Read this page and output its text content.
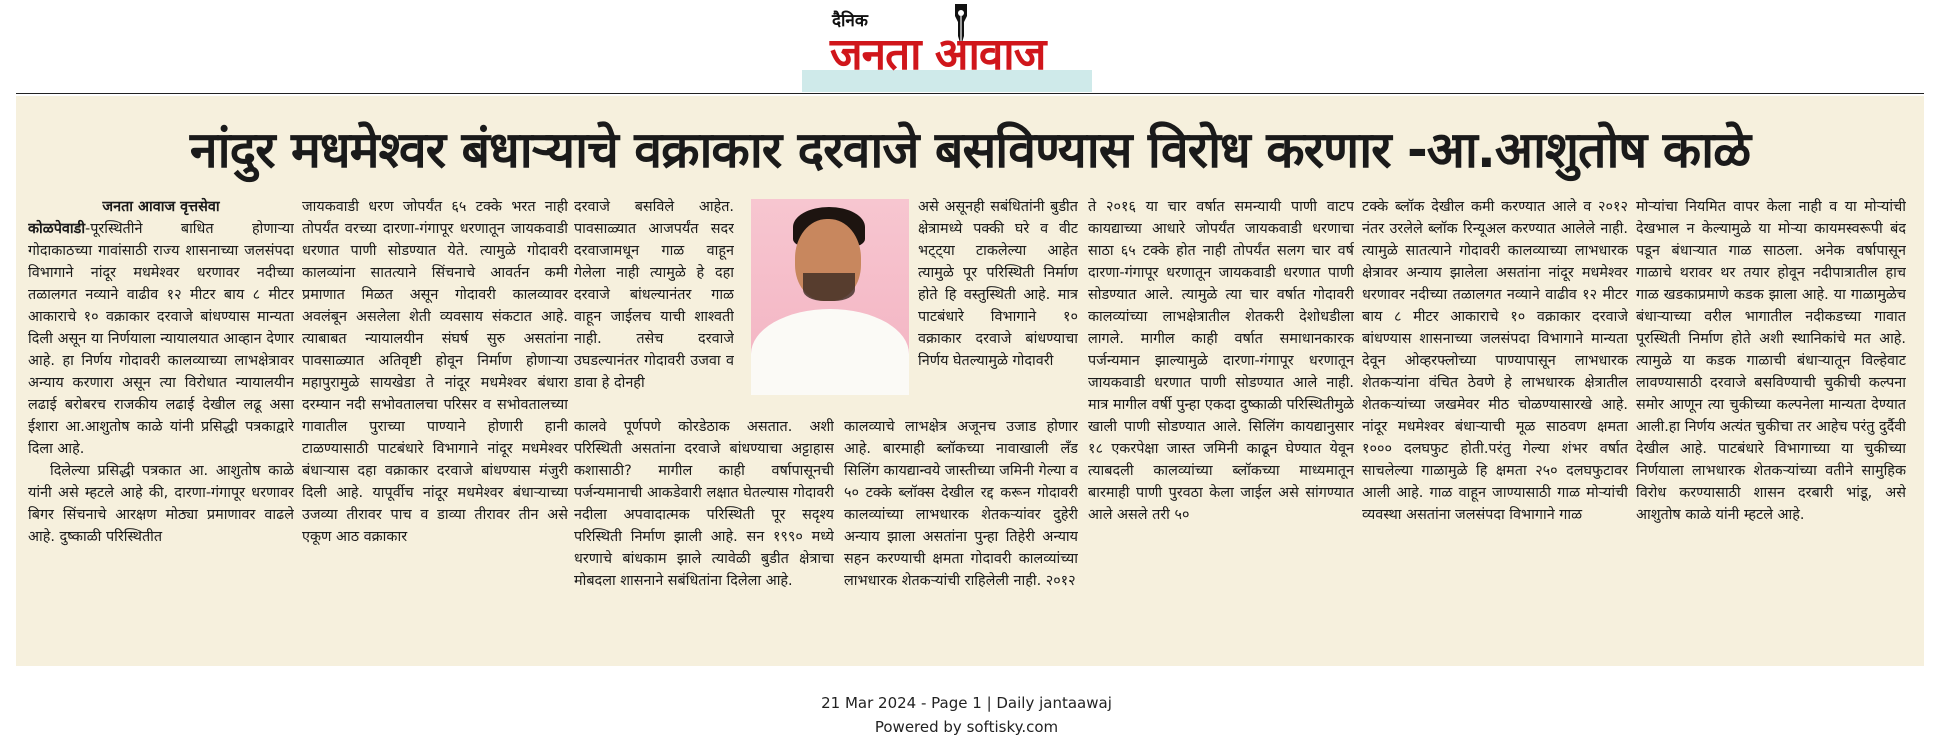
दैनिक
जनता आवाज
नांदुर मधमेश्वर बंधाऱ्याचे वक्राकार दरवाजे बसविण्यास विरोध करणार -आ.आशुतोष काळे
जनता आवाज वृत्तसेवा

कोळपेवाडी-पूरस्थितीने बाधित होणाऱ्या गोदाकाठच्या गावांसाठी राज्य शासनाच्या जलसंपदा विभागाने नांदूर मधमेश्वर धरणावर नदीच्या तळालगत नव्याने वाढीव १२ मीटर बाय ८ मीटर आकाराचे १० वक्राकार दरवाजे बांधण्यास मान्यता दिली असून या निर्णयाला न्यायालयात आव्हान देणार आहे. हा निर्णय गोदावरी कालव्याच्या लाभक्षेत्रावर अन्याय करणारा असून त्या विरोधात न्यायालयीन लढाई बरोबरच राजकीय लढाई देखील लढू असा ईशारा आ.आशुतोष काळे यांनी प्रसिद्धी पत्रकाद्वारे दिला आहे.

दिलेल्या प्रसिद्धी पत्रकात आ. आशुतोष काळे यांनी असे म्हटले आहे की, दारणा-गंगापूर धरणावर बिगर सिंचनाचे आरक्षण मोठ्या प्रमाणावर वाढले आहे. दुष्काळी परिस्थितीत

जायकवाडी धरण जोपर्यंत ६५ टक्के भरत नाही तोपर्यंत वरच्या दारणा-गंगापूर धरणातून जायकवाडी धरणात पाणी सोडण्यात येते. त्यामुळे गोदावरी कालव्यांना सातत्याने सिंचनाचे आवर्तन कमी प्रमाणात मिळत असून गोदावरी कालव्यावर अवलंबून असलेला शेती व्यवसाय संकटात आहे. त्याबाबत न्यायालयीन संघर्ष सुरु असतांना पावसाळ्यात अतिवृष्टी होवून निर्माण होणाऱ्या महापुरामुळे सायखेडा ते नांदूर मधमेश्वर बंधारा दरम्यान नदी सभोवतालचा परिसर व सभोवतालच्या गावातील पुराच्या पाण्याने होणारी हानी टाळण्यासाठी पाटबंधारे विभागाने नांदूर मधमेश्वर बंधाऱ्यास दहा वक्राकार दरवाजे बांधण्यास मंजुरी दिली आहे. यापूर्वीच नांदूर मधमेश्वर बंधाऱ्याच्या उजव्या तीरावर पाच व डाव्या तीरावर तीन असे एकूण आठ वक्राकार

दरवाजे बसविले आहेत. पावसाळ्यात आजपर्यंत सदर दरवाजामधून गाळ वाहून गेलेला नाही त्यामुळे हे दहा दरवाजे बांधल्यानंतर गाळ वाहून जाईलच याची शाश्वती नाही. तसेच दरवाजे उघडल्यानंतर गोदावरी उजवा व डावा हे दोनही

असे असूनही सबंधितांनी बुडीत क्षेत्रामध्ये पक्की घरे व वीट भट्ट्या टाकलेल्या आहेत त्यामुळे पूर परिस्थिती निर्माण होते हि वस्तुस्थिती आहे. मात्र पाटबंधारे विभागाने १० वक्राकार दरवाजे बांधण्याचा निर्णय घेतल्यामुळे गोदावरी

कालवे पूर्णपणे कोरडेठाक असतात. अशी परिस्थिती असतांना दरवाजे बांधण्याचा अट्टाहास कशासाठी? मागील काही वर्षापासूनची पर्जन्यमानाची आकडेवारी लक्षात घेतल्यास गोदावरी नदीला अपवादात्मक परिस्थिती पूर सदृश्य परिस्थिती निर्माण झाली आहे. सन १९९० मध्ये धरणाचे बांधकाम झाले त्यावेळी बुडीत क्षेत्राचा मोबदला शासनाने सबंधितांना दिलेला आहे.

कालव्याचे लाभक्षेत्र अजूनच उजाड होणार आहे. बारमाही ब्लॉकच्या नावाखाली लँड सिलिंग कायद्यान्वये जास्तीच्या जमिनी गेल्या व ५० टक्के ब्लॉक्स देखील रद्द करून गोदावरी कालव्यांच्या लाभधारक शेतकऱ्यांवर दुहेरी अन्याय झाला असतांना पुन्हा तिहेरी अन्याय सहन करण्याची क्षमता गोदावरी कालव्यांच्या लाभधारक शेतकऱ्यांची राहिलेली नाही. २०१२

ते २०१६ या चार वर्षात समन्यायी पाणी वाटप कायद्याच्या आधारे जोपर्यंत जायकवाडी धरणाचा साठा ६५ टक्के होत नाही तोपर्यंत सलग चार वर्ष दारणा-गंगापूर धरणातून जायकवाडी धरणात पाणी सोडण्यात आले. त्यामुळे त्या चार वर्षात गोदावरी कालव्यांच्या लाभक्षेत्रातील शेतकरी देशोधडीला लागले. मागील काही वर्षात समाधानकारक पर्जन्यमान झाल्यामुळे दारणा-गंगापूर धरणातून जायकवाडी धरणात पाणी सोडण्यात आले नाही. मात्र मागील वर्षी पुन्हा एकदा दुष्काळी परिस्थितीमुळे खाली पाणी सोडण्यात आले. सिलिंग कायद्यानुसार १८ एकरपेक्षा जास्त जमिनी काढून घेण्यात येवून त्याबदली कालव्यांच्या ब्लॉकच्या माध्यमातून बारमाही पाणी पुरवठा केला जाईल असे सांगण्यात आले असले तरी ५०

टक्के ब्लॉक देखील कमी करण्यात आले व २०१२ नंतर उरलेले ब्लॉक रिन्यूअल करण्यात आलेले नाही. त्यामुळे सातत्याने गोदावरी कालव्याच्या लाभधारक क्षेत्रावर अन्याय झालेला असतांना नांदूर मधमेश्वर धरणावर नदीच्या तळालगत नव्याने वाढीव १२ मीटर बाय ८ मीटर आकाराचे १० वक्राकार दरवाजे बांधण्यास शासनाच्या जलसंपदा विभागाने मान्यता देवून ओव्हरफ्लोच्या पाण्यापासून लाभधारक शेतकऱ्यांना वंचित ठेवणे हे लाभधारक क्षेत्रातील शेतकऱ्यांच्या जखमेवर मीठ चोळण्यासारखे आहे. नांदूर मधमेश्वर बंधाऱ्याची मूळ साठवण क्षमता १००० दलघफुट होती.परंतु गेल्या शंभर वर्षात साचलेल्या गाळामुळे हि क्षमता २५० दलघफुटावर आली आहे. गाळ वाहून जाण्यासाठी गाळ मोऱ्यांची व्यवस्था असतांना जलसंपदा विभागाने गाळ

मोऱ्यांचा नियमित वापर केला नाही व या मोऱ्यांची देखभाल न केल्यामुळे या मोऱ्या कायमस्वरूपी बंद पडून बंधाऱ्यात गाळ साठला. अनेक वर्षापासून गाळाचे थरावर थर तयार होवून नदीपात्रातील हाच गाळ खडकाप्रमाणे कडक झाला आहे. या गाळामुळेच बंधाऱ्याच्या वरील भागातील नदीकडच्या गावात पूरस्थिती निर्माण होते अशी स्थानिकांचे मत आहे. त्यामुळे या कडक गाळाची बंधाऱ्यातून विल्हेवाट लावण्यासाठी दरवाजे बसविण्याची चुकीची कल्पना समोर आणून त्या चुकीच्या कल्पनेला मान्यता देण्यात आली.हा निर्णय अत्यंत चुकीचा तर आहेच परंतु दुर्दैवी देखील आहे. पाटबंधारे विभागाच्या या चुकीच्या निर्णयाला लाभधारक शेतकऱ्यांच्या वतीने सामुहिक विरोध करण्यासाठी शासन दरबारी भांडू, असे आशुतोष काळे यांनी म्हटले आहे.

21 Mar 2024 - Page 1 | Daily jantaawaj
Powered by softisky.com
